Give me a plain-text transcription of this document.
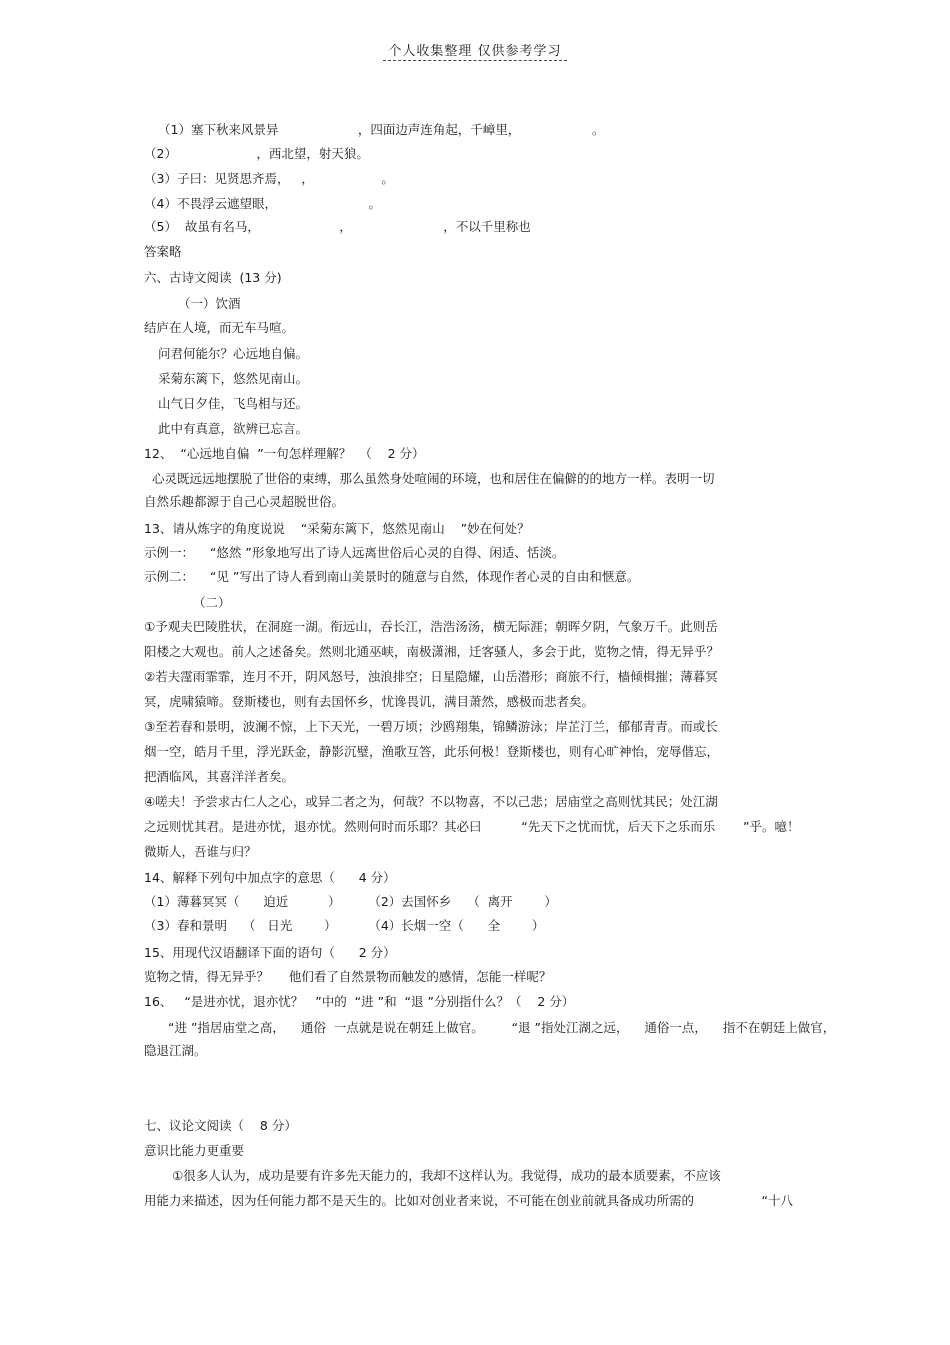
个人收集整理 仅供参考学习
（1）塞下秋来风景异                    ，四面边声连角起，千嶂里，                  。
（2）                    ，西北望，射天狼。
（3）子曰：见贤思齐焉，   ，                 。
（4）不畏浮云遮望眼，                       。
（5）  故虽有名马，                    ，                       ，不以千里称也
答案略
六、古诗文阅读  (13 分)
（一）饮酒
结庐在人境，而无车马喧。
问君何能尔？心远地自偏。
采菊东篱下，悠然见南山。
山气日夕佳，飞鸟相与还。
此中有真意，欲辨已忘言。
12、  “心远地自偏  ”一句怎样理解？  （    2 分）
心灵既远远地摆脱了世俗的束缚，那么虽然身处喧闹的环境，也和居住在偏僻的的地方一样。表明一切
自然乐趣都源于自己心灵超脱世俗。
13、请从炼字的角度说说    “采菊东篱下，悠然见南山    ”妙在何处？
示例一：    “悠然 ”形象地写出了诗人远离世俗后心灵的自得、闲适、恬淡。
示例二：    “见 ”写出了诗人看到南山美景时的随意与自然，体现作者心灵的自由和惬意。
（二）
①予观夫巴陵胜状，在洞庭一湖。衔远山，吞长江，浩浩汤汤，横无际涯；朝晖夕阴，气象万千。此则岳
阳楼之大观也。前人之述备矣。然则北通巫峡，南极潇湘，迁客骚人，多会于此，览物之情，得无异乎？
②若夫霪雨霏霏，连月不开，阴风怒号，浊浪排空；日星隐耀，山岳潜形；商旅不行，樯倾楫摧；薄暮冥
冥，虎啸猿啼。登斯楼也，则有去国怀乡，忧谗畏讥，满目萧然，感极而悲者矣。
③至若春和景明，波澜不惊，上下天光，一碧万顷；沙鸥翔集，锦鳞游泳；岸芷汀兰，郁郁青青。而或长
烟一空，皓月千里，浮光跃金，静影沉璧，渔歌互答，此乐何极！登斯楼也，则有心旷神怡，宠辱偕忘，
把酒临风，其喜洋洋者矣。
④嗟夫！予尝求古仁人之心，或异二者之为，何哉？不以物喜，不以己悲；居庙堂之高则忧其民；处江湖
之远则忧其君。是进亦忧，退亦忧。然则何时而乐耶？其必曰          “先天下之忧而忧，后天下之乐而乐       ”乎。噫！
微斯人，吾谁与归？
14、解释下列句中加点字的意思（      4 分）
（1）薄暮冥冥（      迫近          ）       （2）去国怀乡    （  离开        ）
（3）春和景明    （   日光        ）        （4）长烟一空（      全        ）
15、用现代汉语翻译下面的语句（      2 分）
览物之情，得无异乎？     他们看了自然景物而触发的感情，怎能一样呢？
16、   “是进亦忧，退亦忧？   ”中的  “进 ”和  “退 ”分别指什么？（    2 分）
“进 ”指居庙堂之高，    通俗  一点就是说在朝廷上做官。       “退 ”指处江湖之远，    通俗一点，    指不在朝廷上做官，
隐退江湖。
七、议论文阅读（    8 分）
意识比能力更重要
①很多人认为，成功是要有许多先天能力的，我却不这样认为。我觉得，成功的最本质要素，不应该
用能力来描述，因为任何能力都不是天生的。比如对创业者来说，不可能在创业前就具备成功所需的                 “十八
